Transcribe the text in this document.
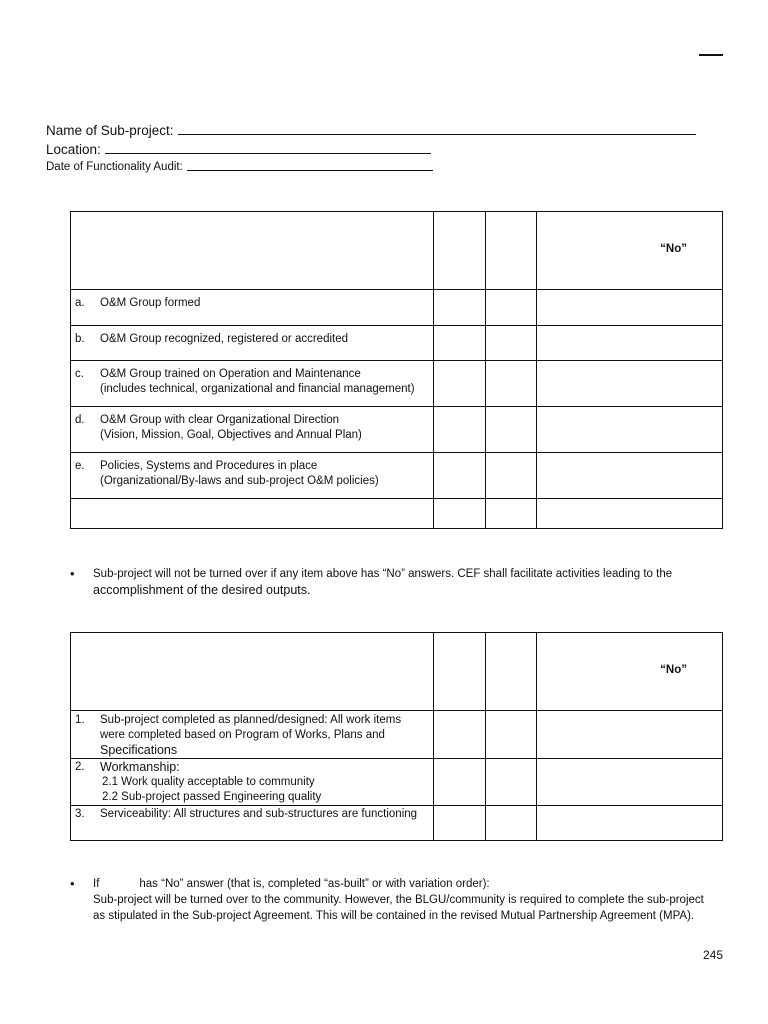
Name of Sub-project:
Location:
Date of Functionality Audit:

			“No”

a. O&M Group formed			

b. O&M Group recognized, registered or accredited			

c. O&M Group trained on Operation and Maintenance
(includes technical, organizational and financial management)			

d. O&M Group with clear Organizational Direction
(Vision, Mission, Goal, Objectives and Annual Plan)			

e. Policies, Systems and Procedures in place
(Organizational/By-laws and sub-project O&M policies)			

•	Sub-project will not be turned over if any item above has “No” answers. CEF shall facilitate activities leading to the
accomplishment of the desired outputs.

			“No”

1. Sub-project completed as planned/designed: All work items
were completed based on Program of Works, Plans and
Specifications			

2. Workmanship:
2.1 Work quality acceptable to community
2.2 Sub-project passed Engineering quality			

3. Serviceability: All structures and sub-structures are functioning			

•	If	has “No” answer (that is, completed “as-built” or with variation order):
Sub-project will be turned over to the community. However, the BLGU/community is required to complete the sub-project
as stipulated in the Sub-project Agreement. This will be contained in the revised Mutual Partnership Agreement (MPA).
245
